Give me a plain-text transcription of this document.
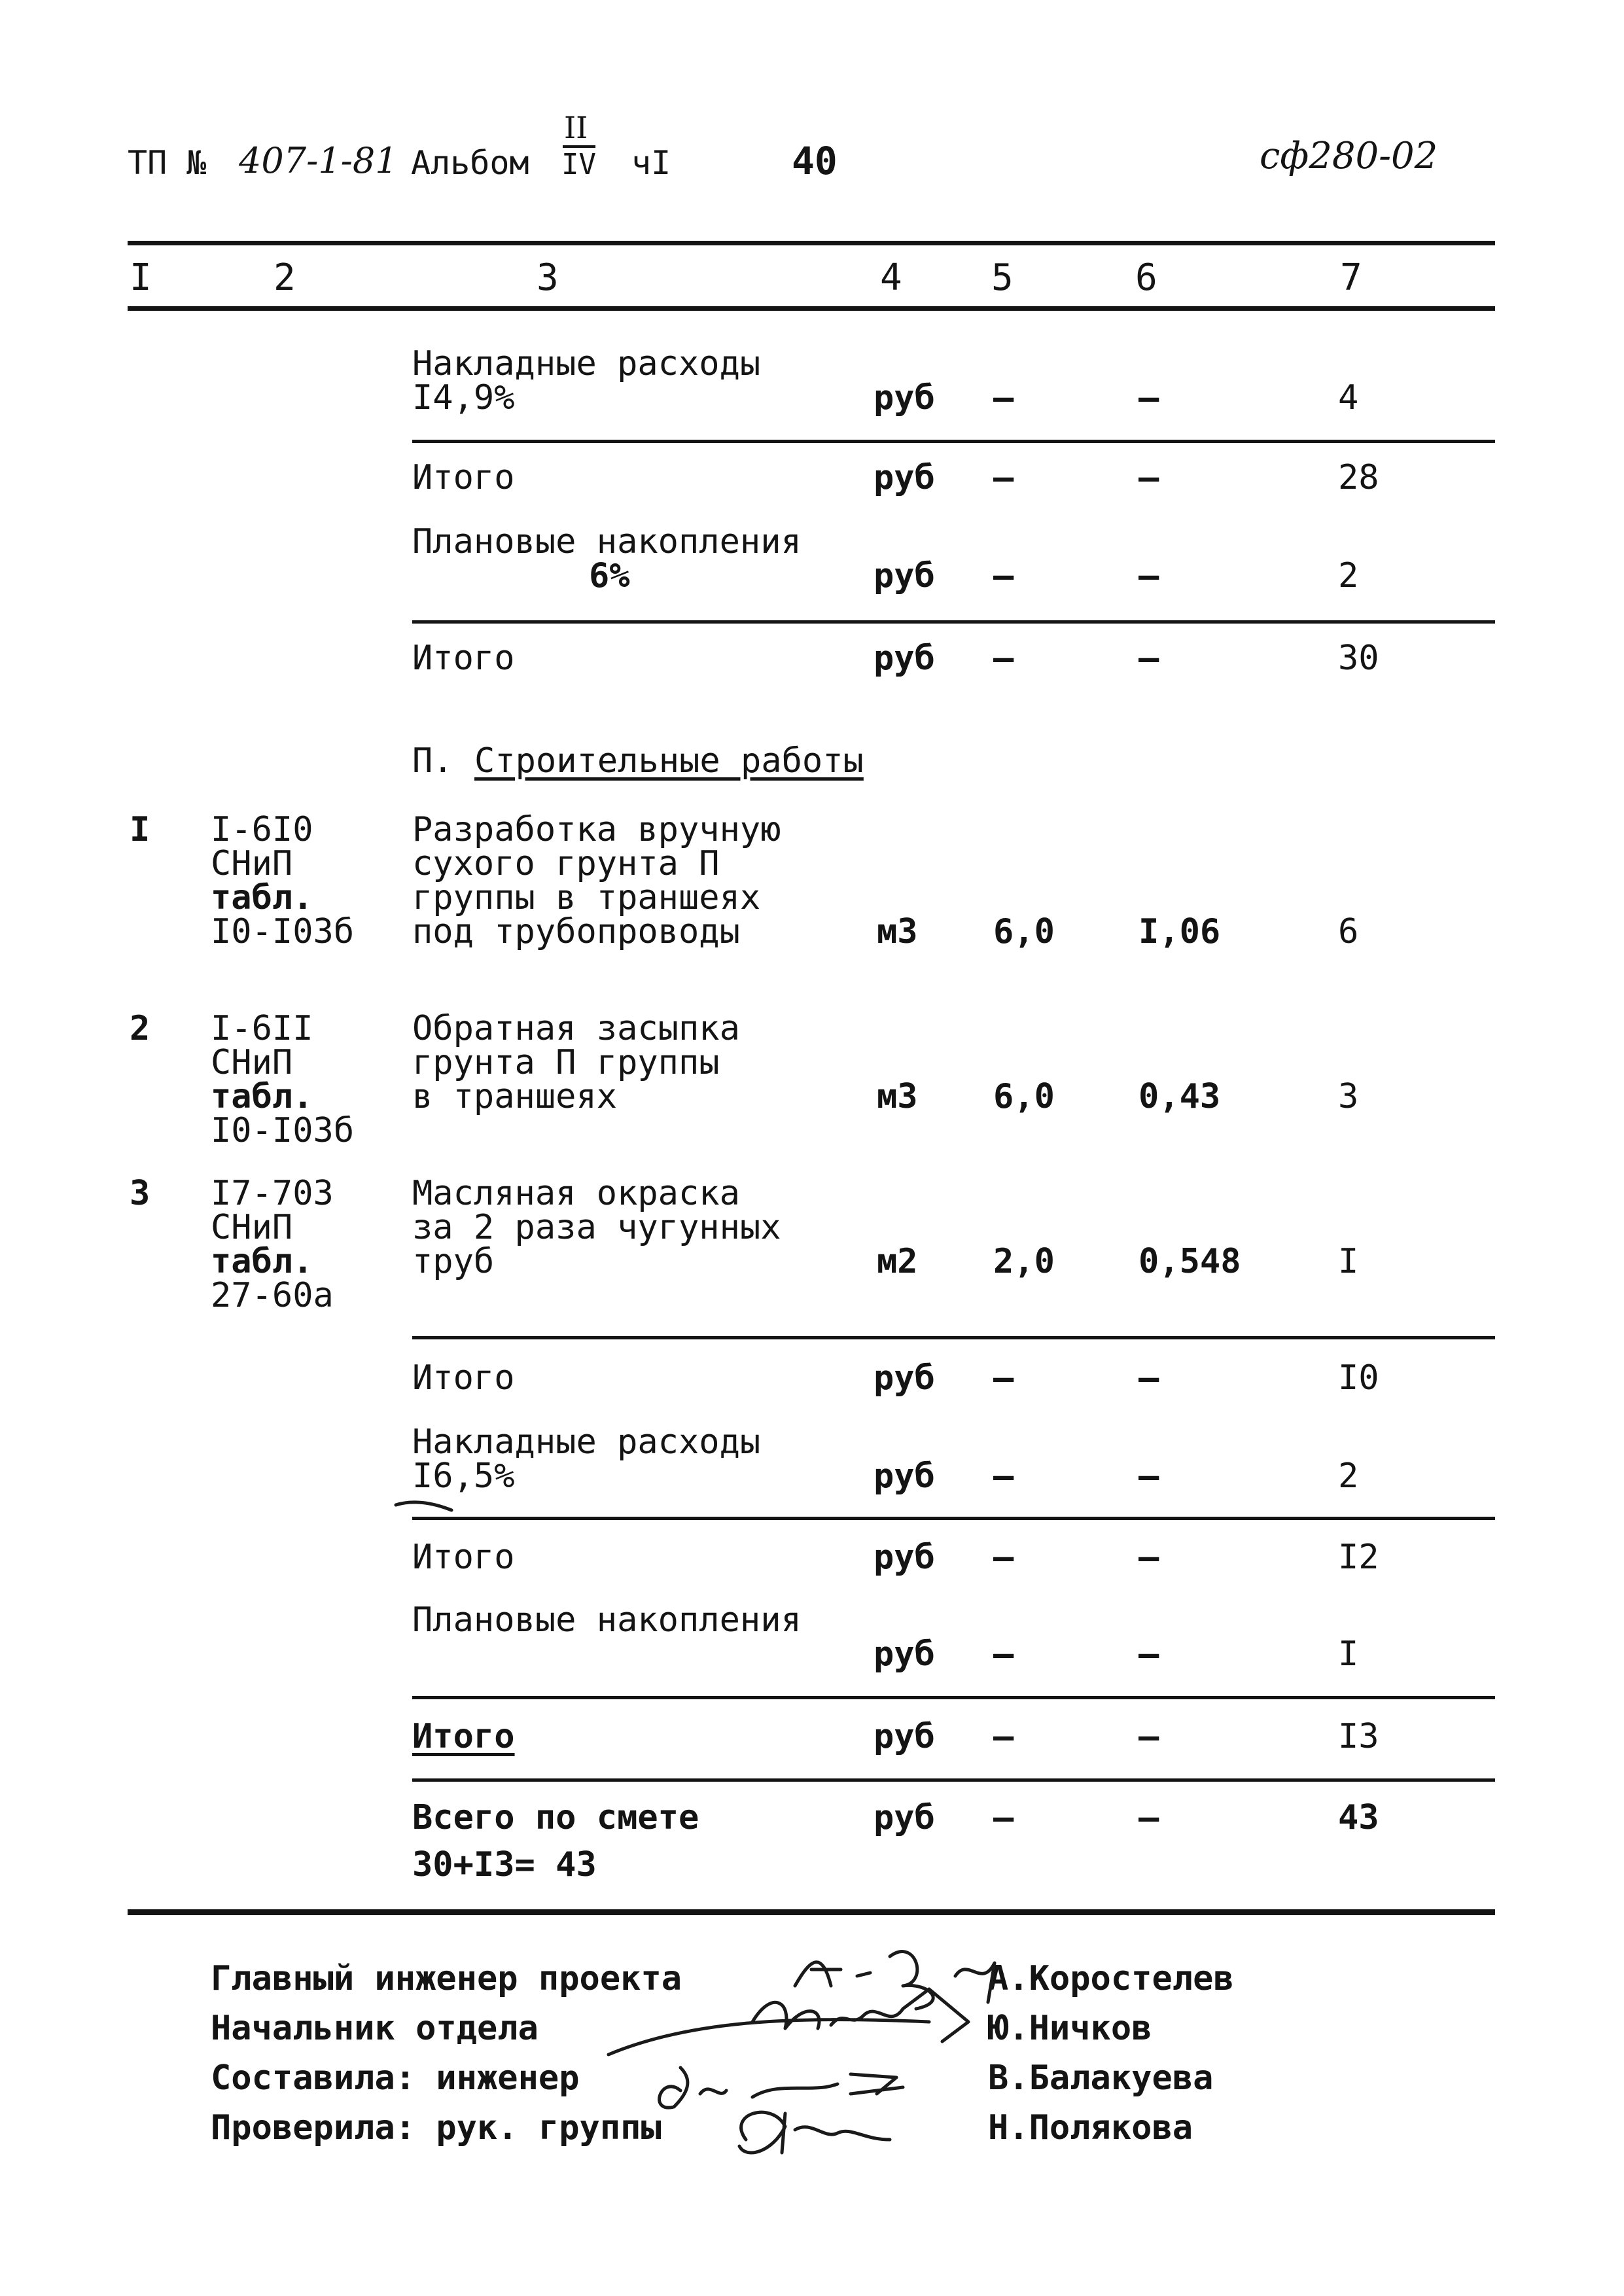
ТП № 407-1-81 Альбом
II
IV чI	40	сф280-02
I	2	3	4 5	6	7
Накладные расходы
I4,9%	руб –	–	4
Итого	руб –	–	28
Плановые накопления
6%	руб –	–	2
Итого	руб –	–	30
П. Строительные работы
I I-6I0
СНиП
табл.
I0-I03б
Разработка вручную
сухого грунта П
группы в траншеях
под трубопроводы	м3 6,0 I,06	6
2 I-6II
СНиП
табл.
I0-I03б
Обратная засыпка
грунта П группы
в траншеях	м3 6,0 0,43	3
3 I7-703
СНиП
табл.
27-60а
Масляная окраска
за 2 раза чугунных
труб	м2 2,0 0,548	I
Итого	руб –	–	I0
Накладные расходы
I6,5%	руб –	–	2
Итого	руб –	–	I2
Плановые накопления
руб –	–	I
Итого	руб –	–	I3
Всего по смете
30+I3= 43
руб –	–	43
Главный инженер проекта
Начальник отдела
Составила: инженер
Проверила: рук. группы
А.Коростелев
Ю.Ничков
В.Балакуева
Н.Полякова
